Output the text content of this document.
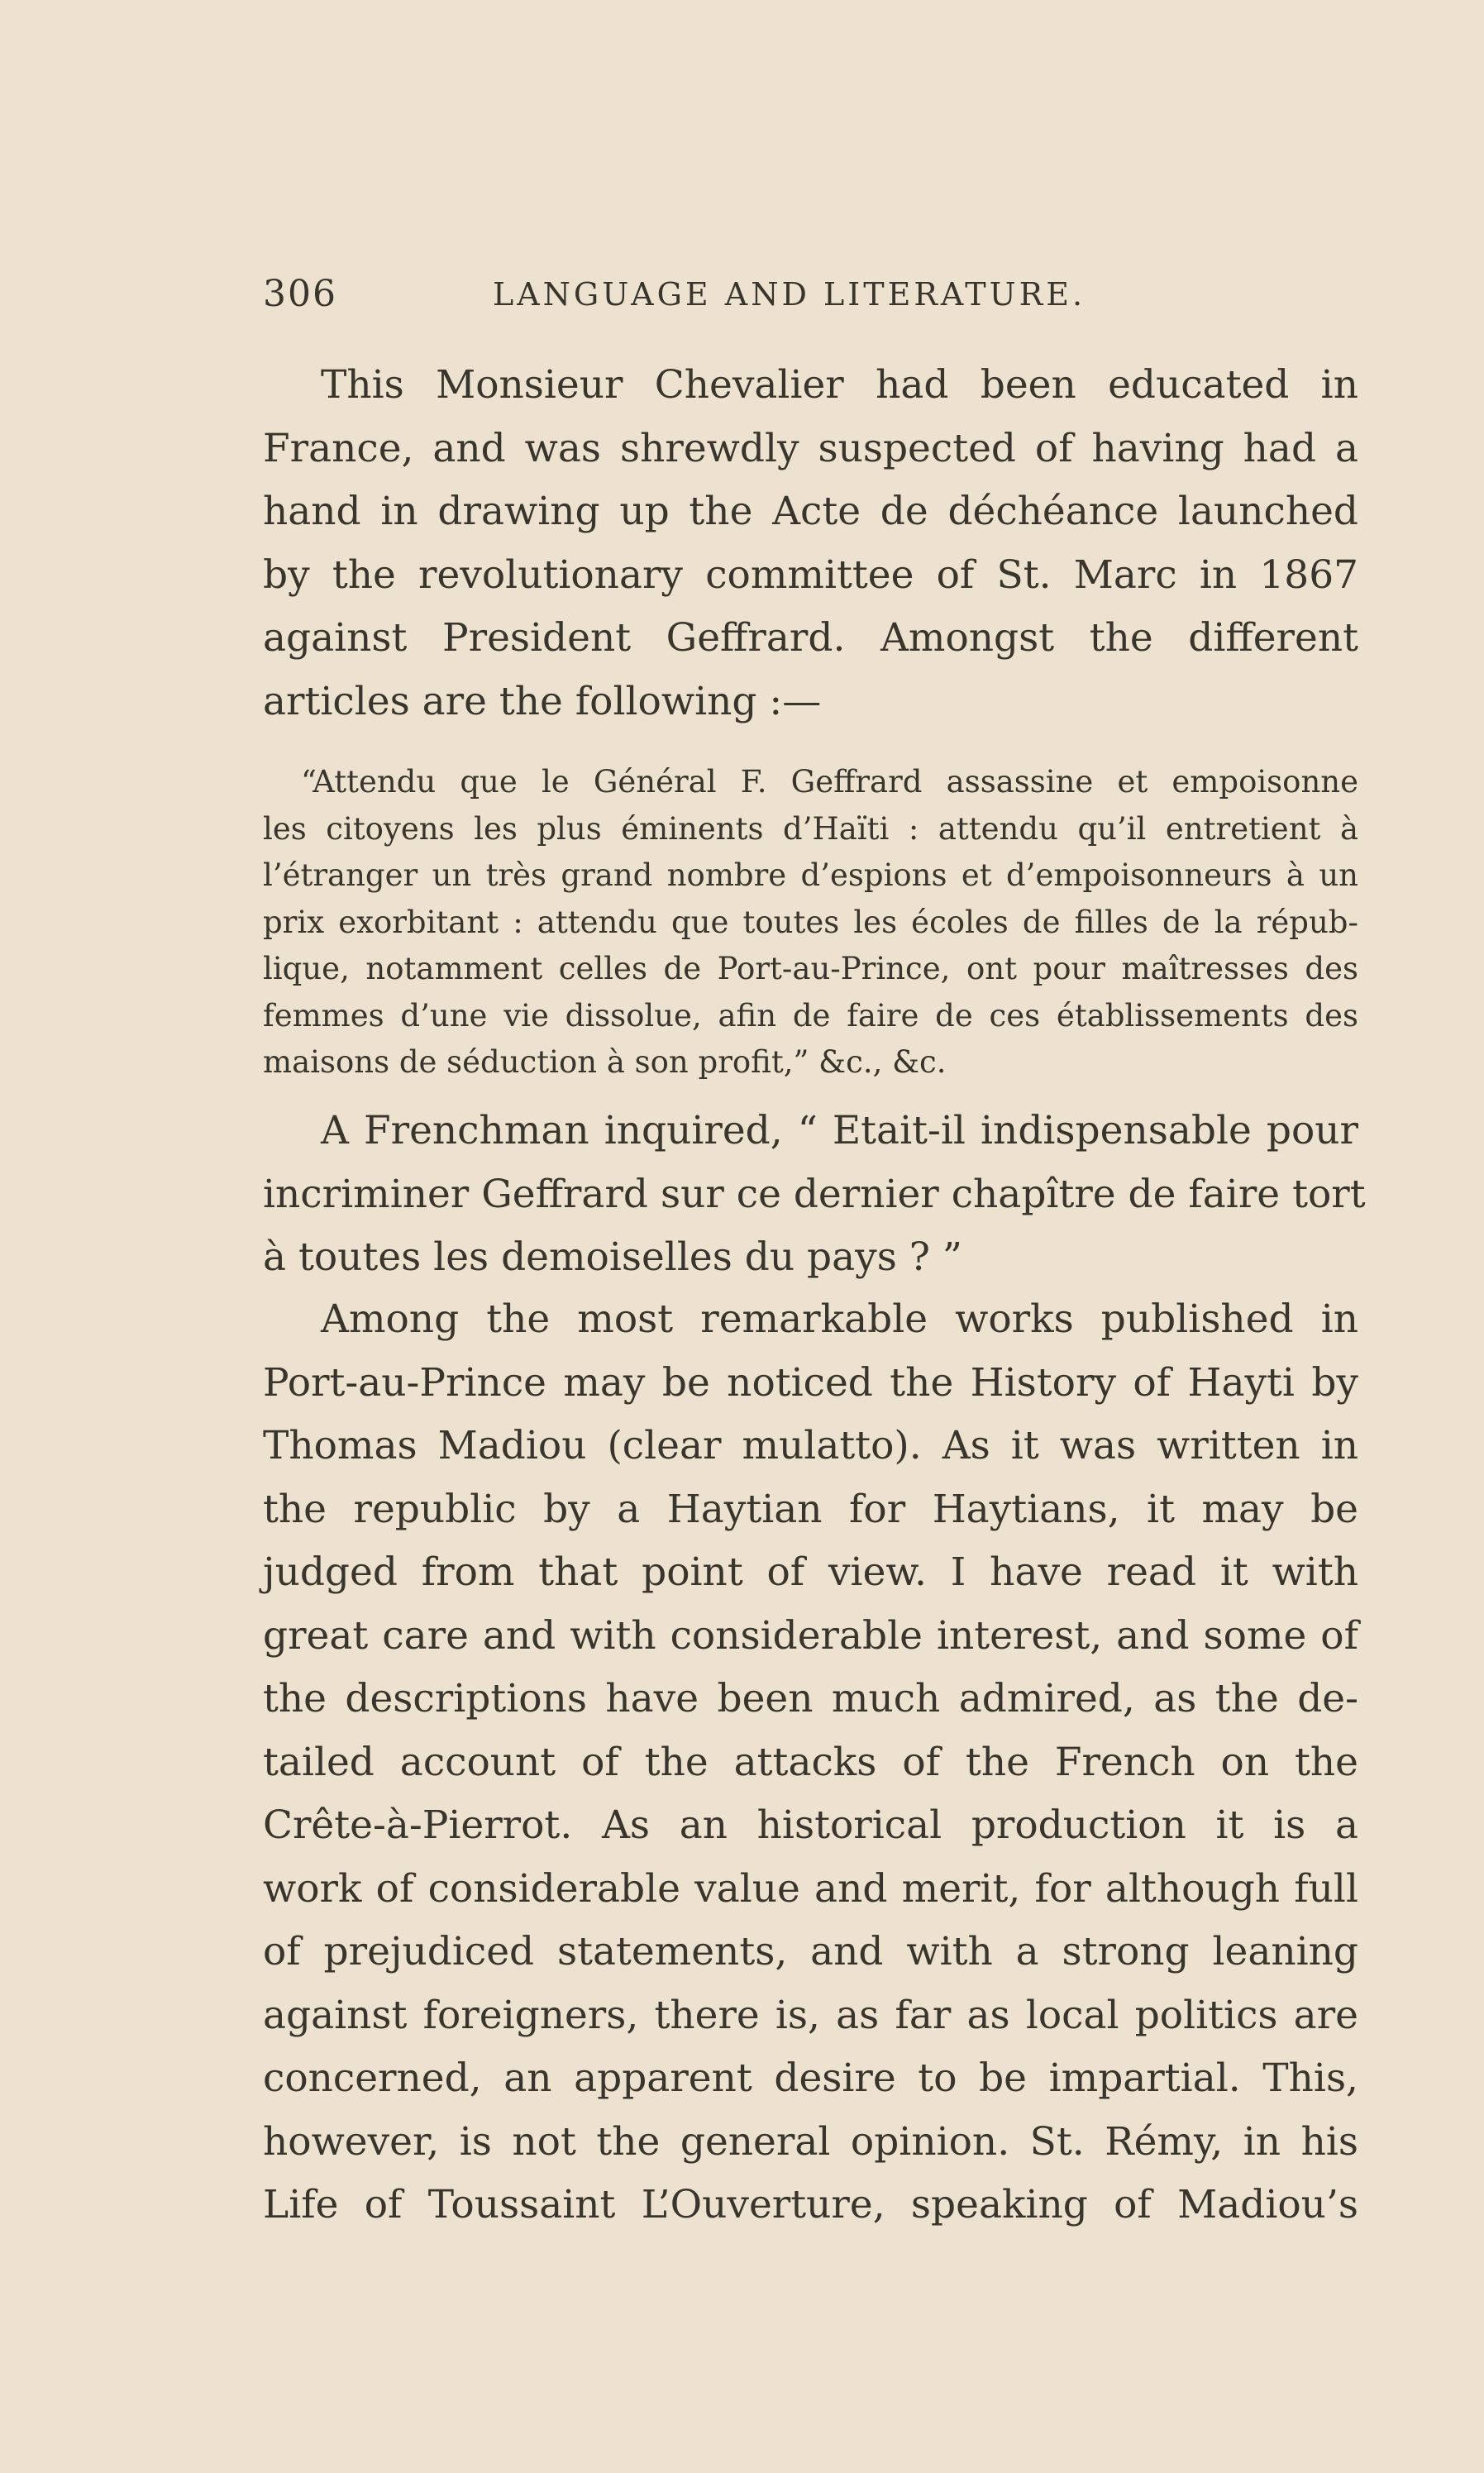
306	LANGUAGE AND LITERATURE.
This Monsieur Chevalier had been educated in
France, and was shrewdly suspected of having had a
hand in drawing up the Acte de déchéance launched
by the revolutionary committee of St. Marc in 1867
against President Geffrard. Amongst the different
articles are the following :—
“Attendu que le Général F. Geffrard assassine et empoisonne
les citoyens les plus éminents d’Haïti : attendu qu’il entretient à
l’étranger un très grand nombre d’espions et d’empoisonneurs à un
prix exorbitant : attendu que toutes les écoles de filles de la répub-
lique, notamment celles de Port-au-Prince, ont pour maîtresses des
femmes d’une vie dissolue, afin de faire de ces établissements des
maisons de séduction à son profit,” &c., &c.
A Frenchman inquired, “ Etait-il indispensable pour
incriminer Geffrard sur ce dernier chapître de faire tort
à toutes les demoiselles du pays ? ”
Among the most remarkable works published in
Port-au-Prince may be noticed the History of Hayti by
Thomas Madiou (clear mulatto). As it was written in
the republic by a Haytian for Haytians, it may be
judged from that point of view. I have read it with
great care and with considerable interest, and some of
the descriptions have been much admired, as the de-
tailed account of the attacks of the French on the
Crête-à-Pierrot. As an historical production it is a
work of considerable value and merit, for although full
of prejudiced statements, and with a strong leaning
against foreigners, there is, as far as local politics are
concerned, an apparent desire to be impartial. This,
however, is not the general opinion. St. Rémy, in his
Life of Toussaint L’Ouverture, speaking of Madiou’s
